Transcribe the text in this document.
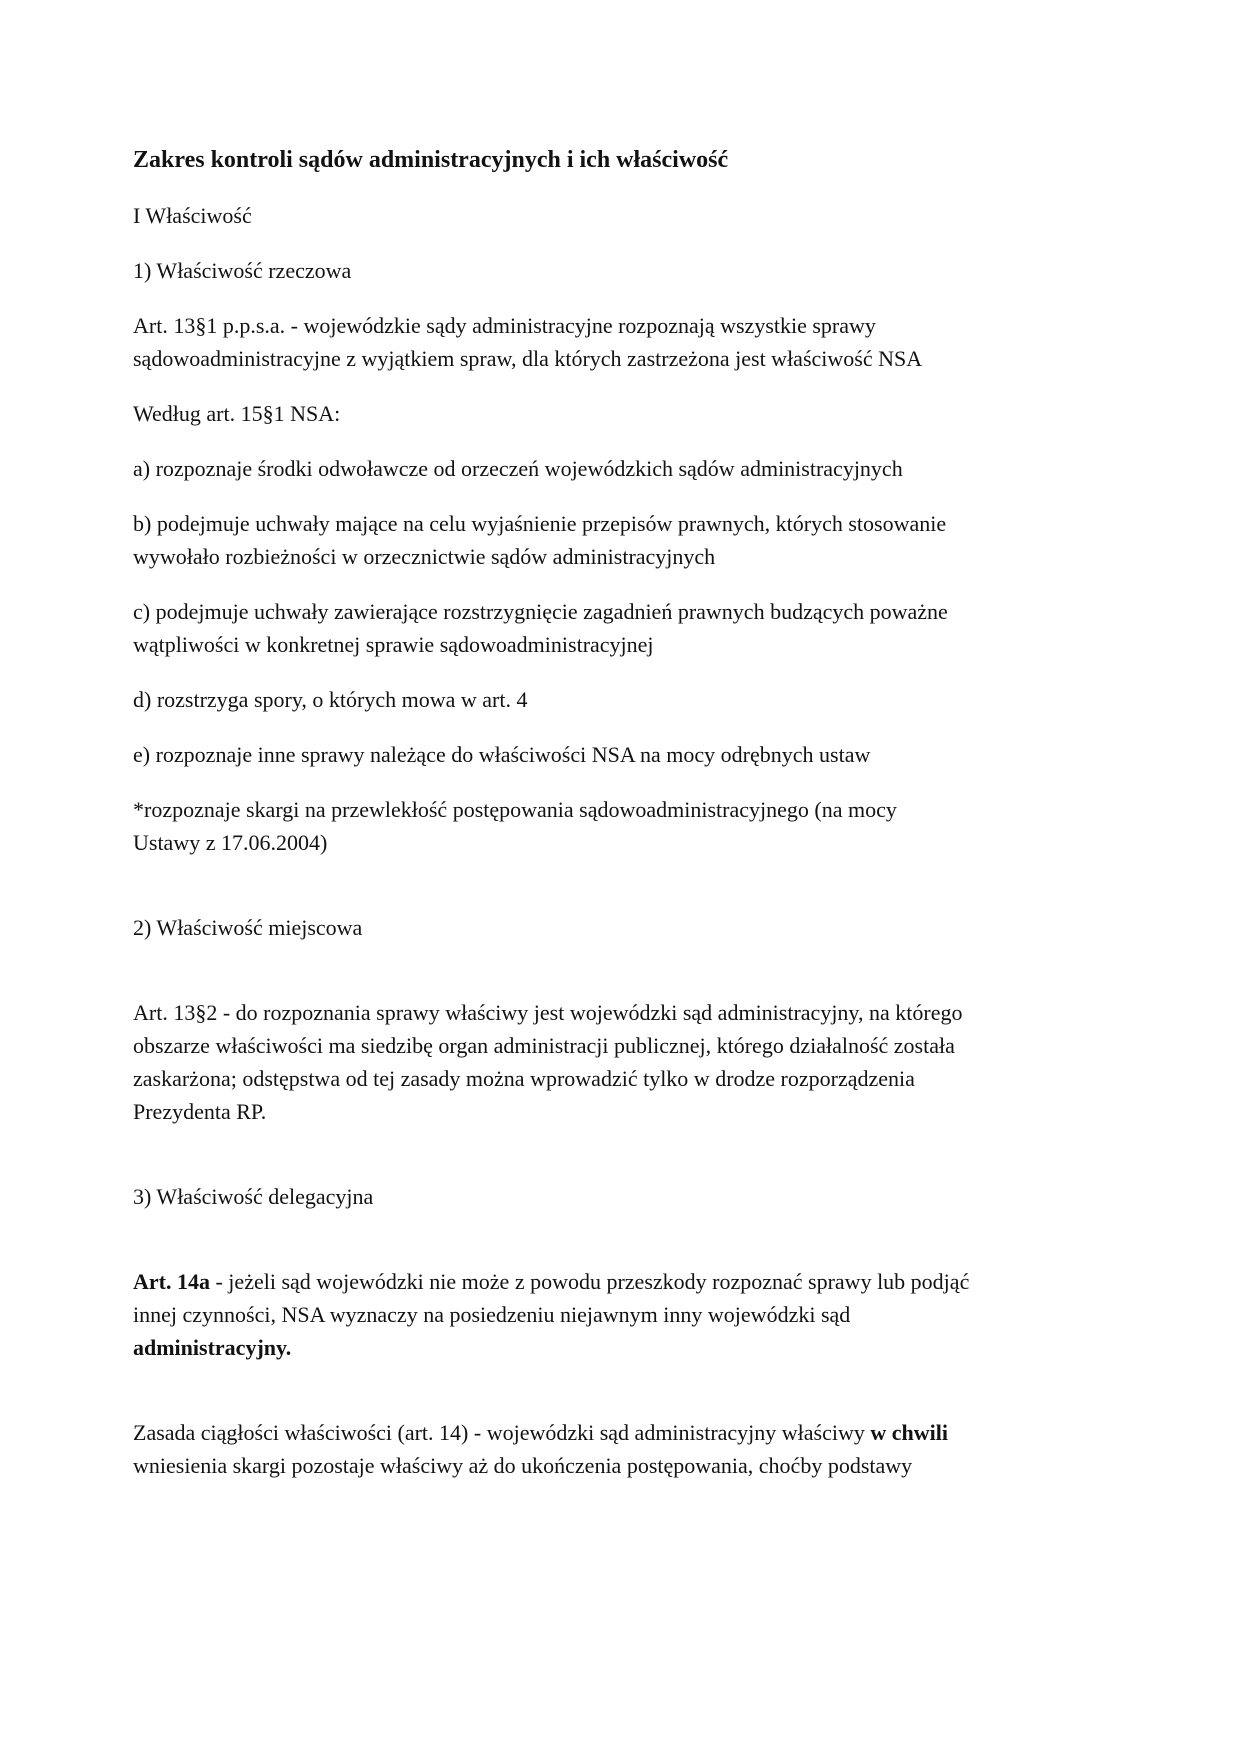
Zakres kontroli sądów administracyjnych i ich właściwość

I Właściwość

1) Właściwość rzeczowa

Art. 13§1 p.p.s.a. - wojewódzkie sądy administracyjne rozpoznają wszystkie sprawy
sądowoadministracyjne z wyjątkiem spraw, dla których zastrzeżona jest właściwość NSA

Według art. 15§1 NSA:

a) rozpoznaje środki odwoławcze od orzeczeń wojewódzkich sądów administracyjnych

b) podejmuje uchwały mające na celu wyjaśnienie przepisów prawnych, których stosowanie
wywołało rozbieżności w orzecznictwie sądów administracyjnych

c) podejmuje uchwały zawierające rozstrzygnięcie zagadnień prawnych budzących poważne
wątpliwości w konkretnej sprawie sądowoadministracyjnej

d) rozstrzyga spory, o których mowa w art. 4

e) rozpoznaje inne sprawy należące do właściwości NSA na mocy odrębnych ustaw

*rozpoznaje skargi na przewlekłość postępowania sądowoadministracyjnego (na mocy
Ustawy z 17.06.2004)

2) Właściwość miejscowa

Art. 13§2 - do rozpoznania sprawy właściwy jest wojewódzki sąd administracyjny, na którego
obszarze właściwości ma siedzibę organ administracji publicznej, którego działalność została
zaskarżona; odstępstwa od tej zasady można wprowadzić tylko w drodze rozporządzenia
Prezydenta RP.

3) Właściwość delegacyjna

Art. 14a - jeżeli sąd wojewódzki nie może z powodu przeszkody rozpoznać sprawy lub podjąć
innej czynności, NSA wyznaczy na posiedzeniu niejawnym inny wojewódzki sąd
administracyjny.

Zasada ciągłości właściwości (art. 14) - wojewódzki sąd administracyjny właściwy w chwili
wniesienia skargi pozostaje właściwy aż do ukończenia postępowania, choćby podstawy
